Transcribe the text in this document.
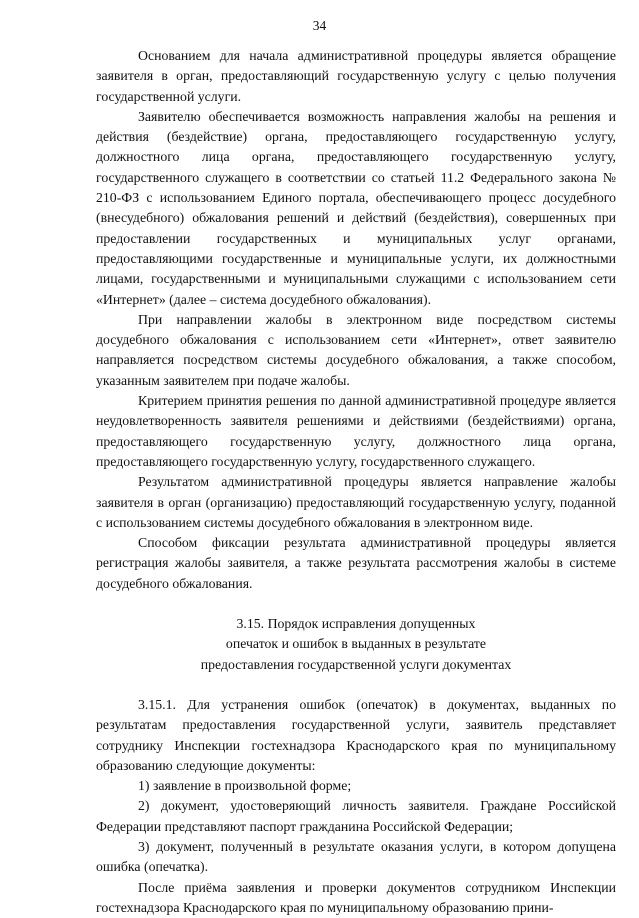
34

Основанием для начала административной процедуры является обращение заявителя в орган, предоставляющий государственную услугу с целью получения государственной услуги.

Заявителю обеспечивается возможность направления жалобы на решения и действия (бездействие) органа, предоставляющего государственную услугу, должностного лица органа, предоставляющего государственную услугу, государственного служащего в соответствии со статьей 11.2 Федерального закона № 210-ФЗ с использованием Единого портала, обеспечивающего процесс досудебного (внесудебного) обжалования решений и действий (бездействия), совершенных при предоставлении государственных и муниципальных услуг органами, предоставляющими государственные и муниципальные услуги, их должностными лицами, государственными и муниципальными служащими с использованием сети «Интернет» (далее – система досудебного обжалования).

При направлении жалобы в электронном виде посредством системы досудебного обжалования с использованием сети «Интернет», ответ заявителю направляется посредством системы досудебного обжалования, а также способом, указанным заявителем при подаче жалобы.

Критерием принятия решения по данной административной процедуре является неудовлетворенность заявителя решениями и действиями (бездействиями) органа, предоставляющего государственную услугу, должностного лица органа, предоставляющего государственную услугу, государственного служащего.

Результатом административной процедуры является направление жалобы заявителя в орган (организацию) предоставляющий государственную услугу, поданной с использованием системы досудебного обжалования в электронном виде.

Способом фиксации результата административной процедуры является регистрация жалобы заявителя, а также результата рассмотрения жалобы в системе досудебного обжалования.

3.15. Порядок исправления допущенных
опечаток и ошибок в выданных в результате
предоставления государственной услуги документах

3.15.1. Для устранения ошибок (опечаток) в документах, выданных по результатам предоставления государственной услуги, заявитель представляет сотруднику Инспекции гостехнадзора Краснодарского края по муниципальному образованию следующие документы:

1) заявление в произвольной форме;

2) документ, удостоверяющий личность заявителя. Граждане Российской Федерации представляют паспорт гражданина Российской Федерации;

3) документ, полученный в результате оказания услуги, в котором допущена ошибка (опечатка).

После приёма заявления и проверки документов сотрудником Инспекции гостехнадзора Краснодарского края по муниципальному образованию прини-
